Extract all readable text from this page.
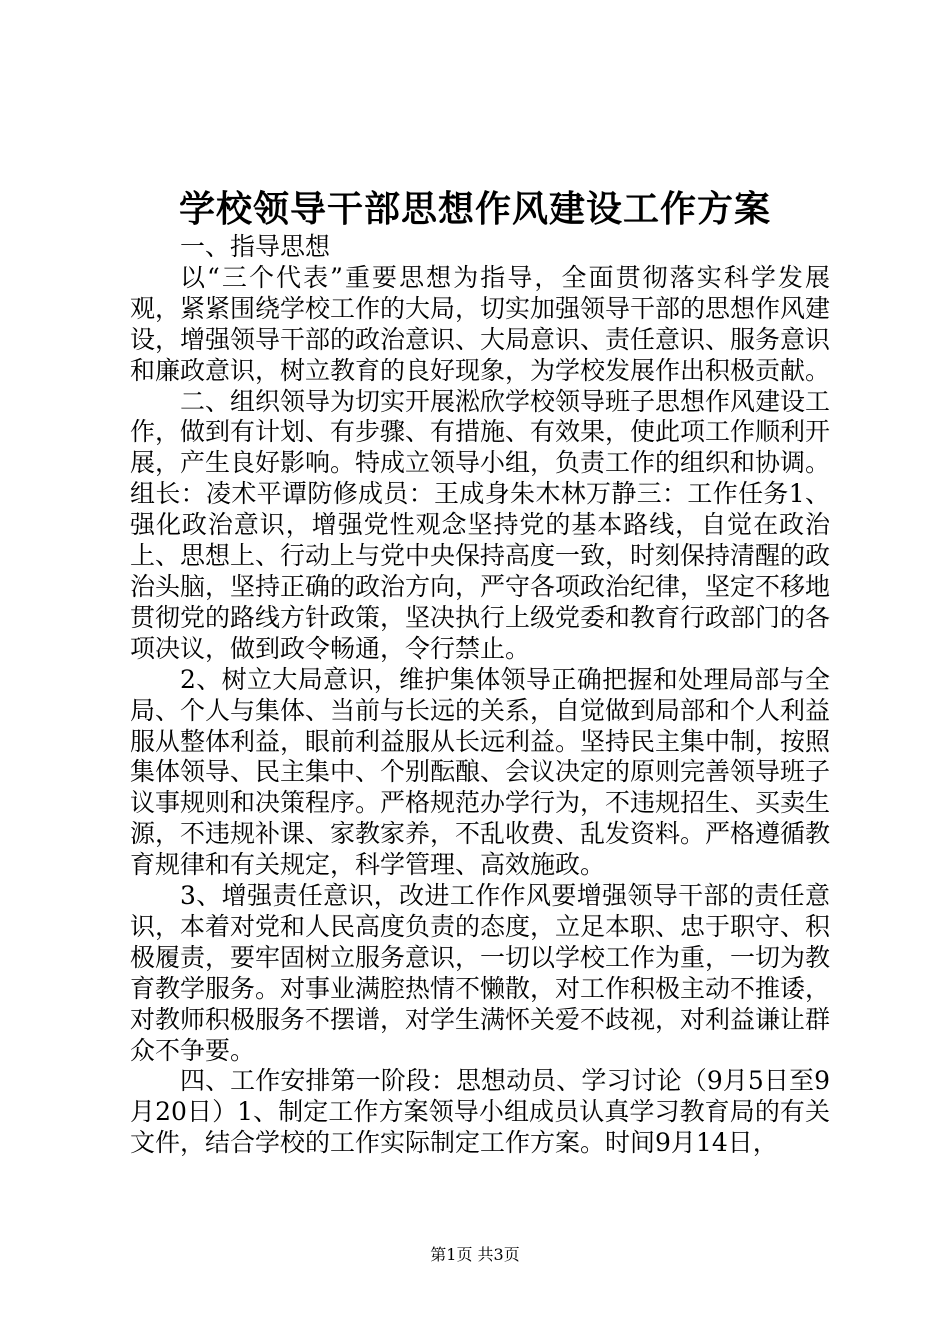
学校领导干部思想作风建设工作方案

一、指导思想

以“三个代表”重要思想为指导，全面贯彻落实科学发展观，紧紧围绕学校工作的大局，切实加强领导干部的思想作风建设，增强领导干部的政治意识、大局意识、责任意识、服务意识和廉政意识，树立教育的良好现象，为学校发展作出积极贡献。

二、组织领导为切实开展淞欣学校领导班子思想作风建设工作，做到有计划、有步骤、有措施、有效果，使此项工作顺利开展，产生良好影响。特成立领导小组，负责工作的组织和协调。组长：凌术平谭防修成员：王成身朱木林万静三：工作任务1、强化政治意识，增强党性观念坚持党的基本路线，自觉在政治上、思想上、行动上与党中央保持高度一致，时刻保持清醒的政治头脑，坚持正确的政治方向，严守各项政治纪律，坚定不移地贯彻党的路线方针政策，坚决执行上级党委和教育行政部门的各项决议，做到政令畅通，令行禁止。

2、树立大局意识，维护集体领导正确把握和处理局部与全局、个人与集体、当前与长远的关系，自觉做到局部和个人利益服从整体利益，眼前利益服从长远利益。坚持民主集中制，按照集体领导、民主集中、个别酝酿、会议决定的原则完善领导班子议事规则和决策程序。严格规范办学行为，不违规招生、买卖生源，不违规补课、家教家养，不乱收费、乱发资料。严格遵循教育规律和有关规定，科学管理、高效施政。

3、增强责任意识，改进工作作风要增强领导干部的责任意识，本着对党和人民高度负责的态度，立足本职、忠于职守、积极履责，要牢固树立服务意识，一切以学校工作为重，一切为教育教学服务。对事业满腔热情不懒散，对工作积极主动不推诿，对教师积极服务不摆谱，对学生满怀关爱不歧视，对利益谦让群众不争要。

四、工作安排第一阶段：思想动员、学习讨论（9月5日至9月20日）1、制定工作方案领导小组成员认真学习教育局的有关文件，结合学校的工作实际制定工作方案。时间9月14日，

第1页 共3页
